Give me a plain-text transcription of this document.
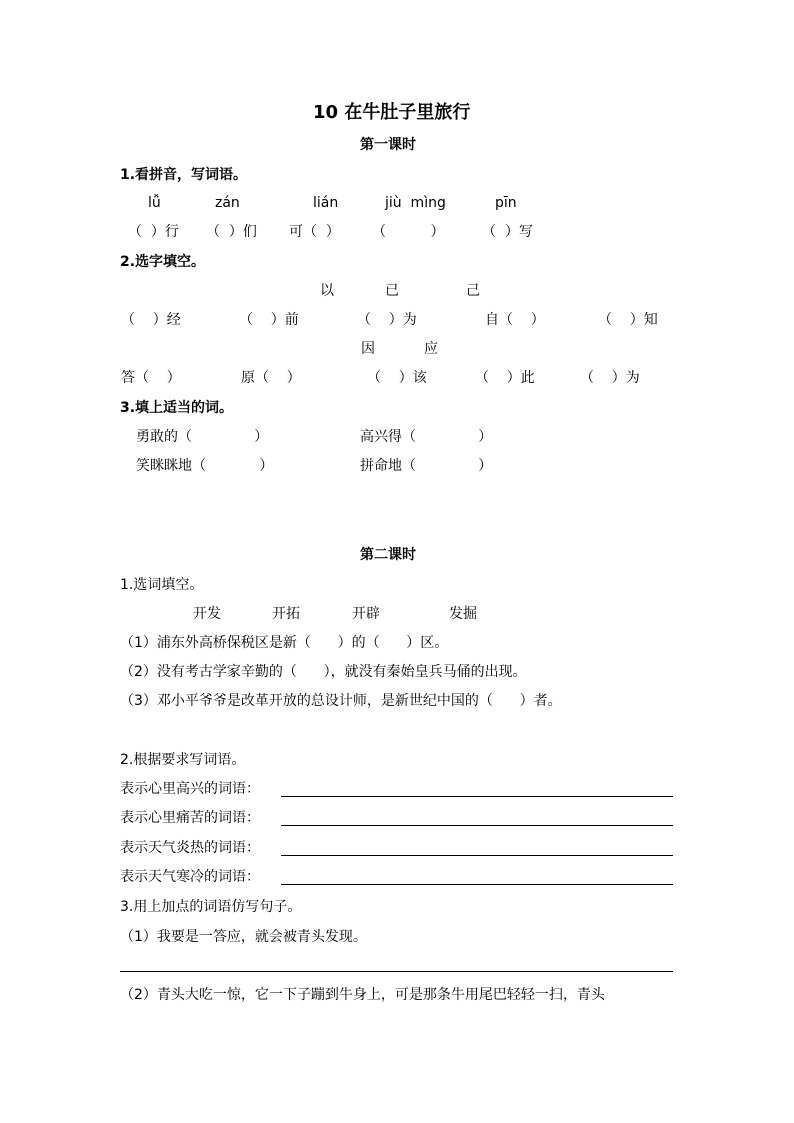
10 在牛肚子里旅行
第一课时
1.看拼音，写词语。
lǚ	zán	lián	jiù  mìng	pīn
（  ）行 （  ）们 可（  ） （          ）	（  ）写
2.选字填空。
以	已	己
（    ）经	（    ）前	（    ）为	自（    ）	（    ）知
因	应
答（    ）	原（    ）	（    ）该	（    ）此	（    ）为
3.填上适当的词。
勇敢的（              ）	高兴得（              ）
笑眯眯地（            ）	拼命地（              ）
第二课时
1.选词填空。
开发	开拓	开辟	发掘
（1）浦东外高桥保税区是新（      ）的（      ）区。
（2）没有考古学家辛勤的（      ），就没有秦始皇兵马俑的出现。
（3）邓小平爷爷是改革开放的总设计师，是新世纪中国的（      ）者。
2.根据要求写词语。
表示心里高兴的词语：
表示心里痛苦的词语：
表示天气炎热的词语：
表示天气寒冷的词语：
3.用上加点的词语仿写句子。
（1）我要是一答应，就会被青头发现。
（2）青头大吃一惊，它一下子蹦到牛身上，可是那条牛用尾巴轻轻一扫，青头
